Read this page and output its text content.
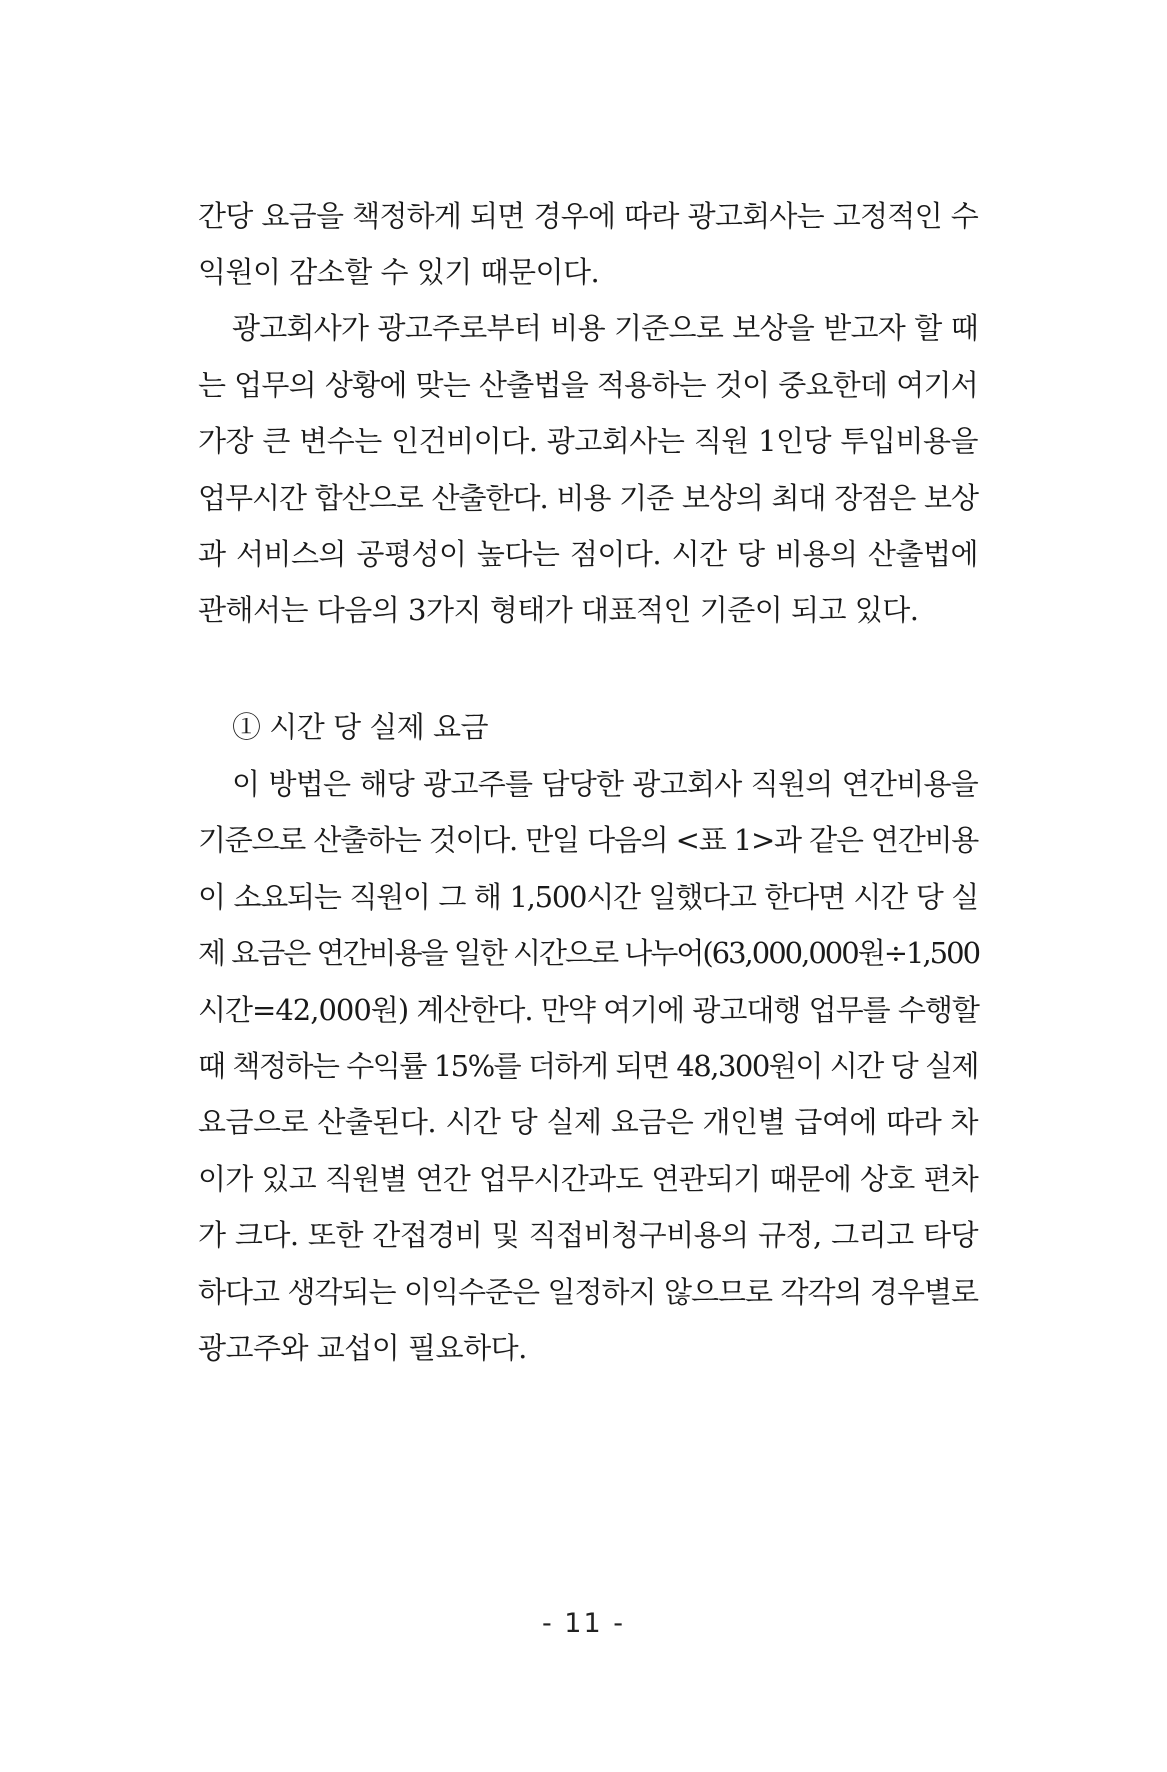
간당 요금을 책정하게 되면 경우에 따라 광고회사는 고정적인 수
익원이 감소할 수 있기 때문이다.
광고회사가 광고주로부터 비용 기준으로 보상을 받고자 할 때
는 업무의 상황에 맞는 산출법을 적용하는 것이 중요한데 여기서
가장 큰 변수는 인건비이다. 광고회사는 직원 1인당 투입비용을
업무시간 합산으로 산출한다. 비용 기준 보상의 최대 장점은 보상
과 서비스의 공평성이 높다는 점이다. 시간 당 비용의 산출법에
관해서는 다음의 3가지 형태가 대표적인 기준이 되고 있다.
① 시간 당 실제 요금
이 방법은 해당 광고주를 담당한 광고회사 직원의 연간비용을
기준으로 산출하는 것이다. 만일 다음의 <표 1>과 같은 연간비용
이 소요되는 직원이 그 해 1,500시간 일했다고 한다면 시간 당 실
제 요금은 연간비용을 일한 시간으로 나누어(63,000,000원÷1,500
시간=42,000원) 계산한다. 만약 여기에 광고대행 업무를 수행할
때 책정하는 수익률 15%를 더하게 되면 48,300원이 시간 당 실제
요금으로 산출된다. 시간 당 실제 요금은 개인별 급여에 따라 차
이가 있고 직원별 연간 업무시간과도 연관되기 때문에 상호 편차
가 크다. 또한 간접경비 및 직접비청구비용의 규정, 그리고 타당
하다고 생각되는 이익수준은 일정하지 않으므로 각각의 경우별로
광고주와 교섭이 필요하다.
- 11 -
